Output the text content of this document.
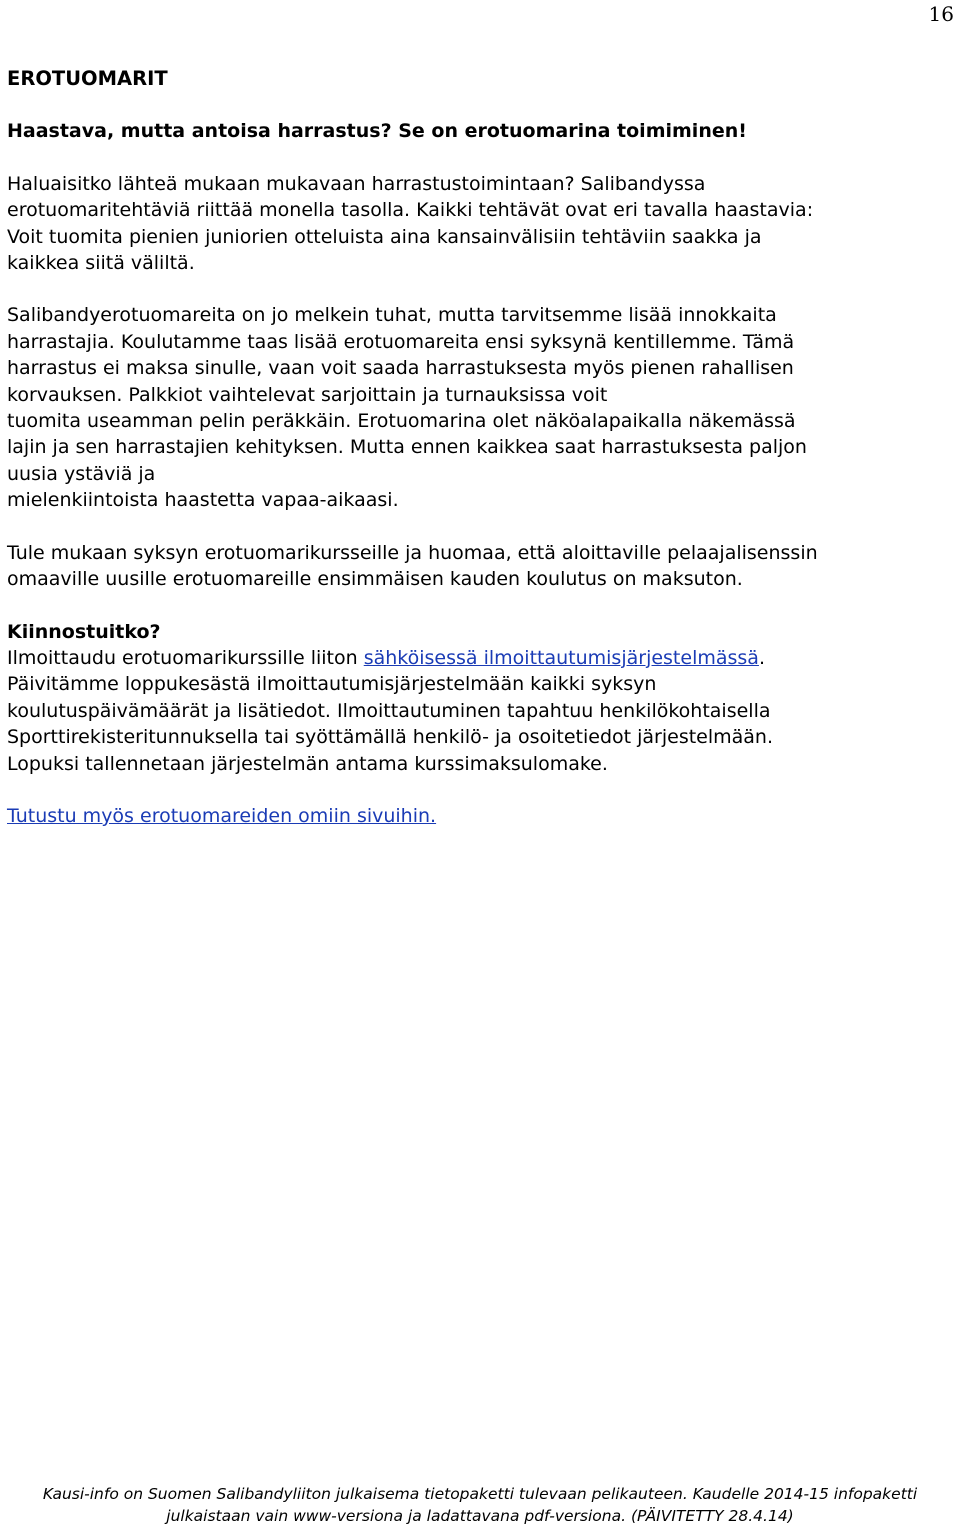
16

EROTUOMARIT

Haastava, mutta antoisa harrastus? Se on erotuomarina toimiminen!

Haluaisitko lähteä mukaan mukavaan harrastustoimintaan? Salibandyssa
erotuomaritehtäviä riittää monella tasolla. Kaikki tehtävät ovat eri tavalla haastavia:
Voit tuomita pienien juniorien otteluista aina kansainvälisiin tehtäviin saakka ja
kaikkea siitä väliltä.

Salibandyerotuomareita on jo melkein tuhat, mutta tarvitsemme lisää innokkaita
harrastajia. Koulutamme taas lisää erotuomareita ensi syksynä kentillemme. Tämä
harrastus ei maksa sinulle, vaan voit saada harrastuksesta myös pienen rahallisen
korvauksen. Palkkiot vaihtelevat sarjoittain ja turnauksissa voit
tuomita useamman pelin peräkkäin. Erotuomarina olet näköalapaikalla näkemässä
lajin ja sen harrastajien kehityksen. Mutta ennen kaikkea saat harrastuksesta paljon
uusia ystäviä ja
mielenkiintoista haastetta vapaa-aikaasi.

Tule mukaan syksyn erotuomarikursseille ja huomaa, että aloittaville pelaajalisenssin
omaaville uusille erotuomareille ensimmäisen kauden koulutus on maksuton.

Kiinnostuitko?
Ilmoittaudu erotuomarikurssille liiton sähköisessä ilmoittautumisjärjestelmässä.
Päivitämme loppukesästä ilmoittautumisjärjestelmään kaikki syksyn
koulutuspäivämäärät ja lisätiedot. Ilmoittautuminen tapahtuu henkilökohtaisella
Sporttirekisteritunnuksella tai syöttämällä henkilö- ja osoitetiedot järjestelmään.
Lopuksi tallennetaan järjestelmän antama kurssimaksulomake.

Tutustu myös erotuomareiden omiin sivuihin.

Kausi-info on Suomen Salibandyliiton julkaisema tietopaketti tulevaan pelikauteen. Kaudelle 2014-15 infopaketti
julkaistaan vain www-versiona ja ladattavana pdf-versiona. (PÄIVITETTY 28.4.14)
